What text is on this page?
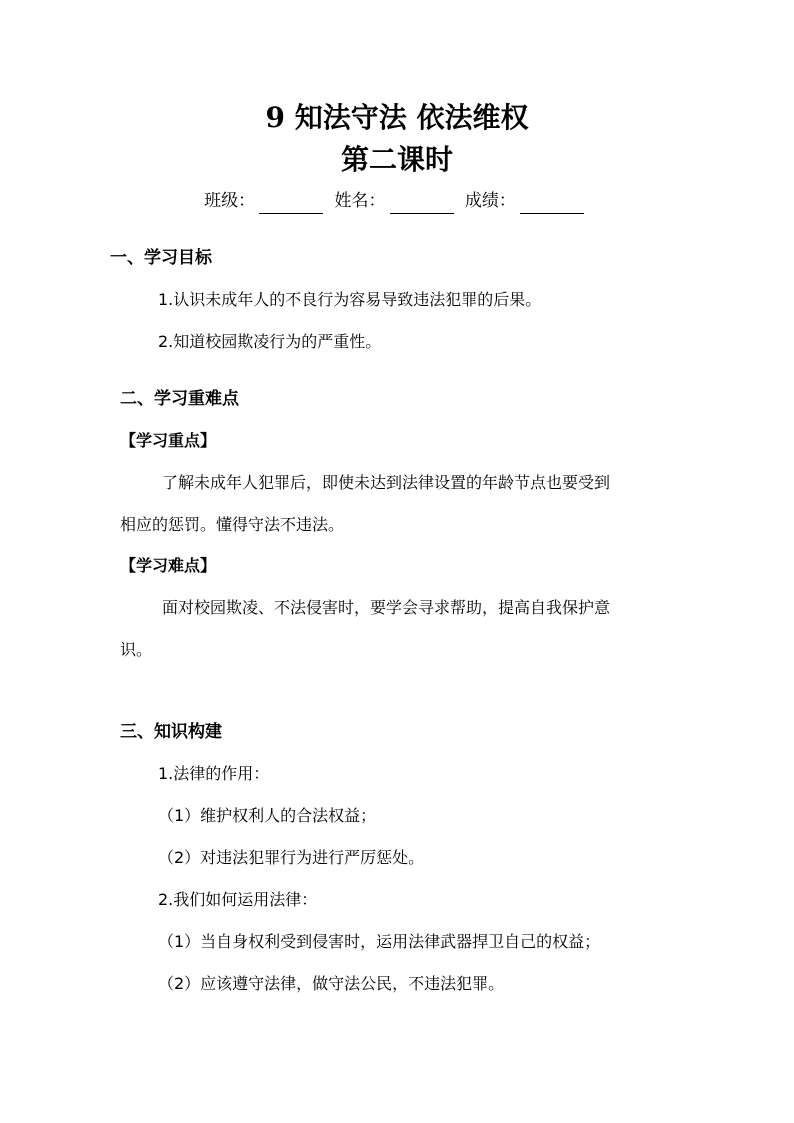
9 知法守法 依法维权
第二课时
班级：	姓名：	成绩：
一、学习目标
1.认识未成年人的不良行为容易导致违法犯罪的后果。
2.知道校园欺凌行为的严重性。
二、学习重难点
【学习重点】
了解未成年人犯罪后，即使未达到法律设置的年龄节点也要受到
相应的惩罚。懂得守法不违法。
【学习难点】
面对校园欺凌、不法侵害时，要学会寻求帮助，提高自我保护意
识。
三、知识构建
1.法律的作用：
（1）维护权利人的合法权益；
（2）对违法犯罪行为进行严厉惩处。
2.我们如何运用法律：
（1）当自身权利受到侵害时，运用法律武器捍卫自己的权益；
（2）应该遵守法律，做守法公民，不违法犯罪。
